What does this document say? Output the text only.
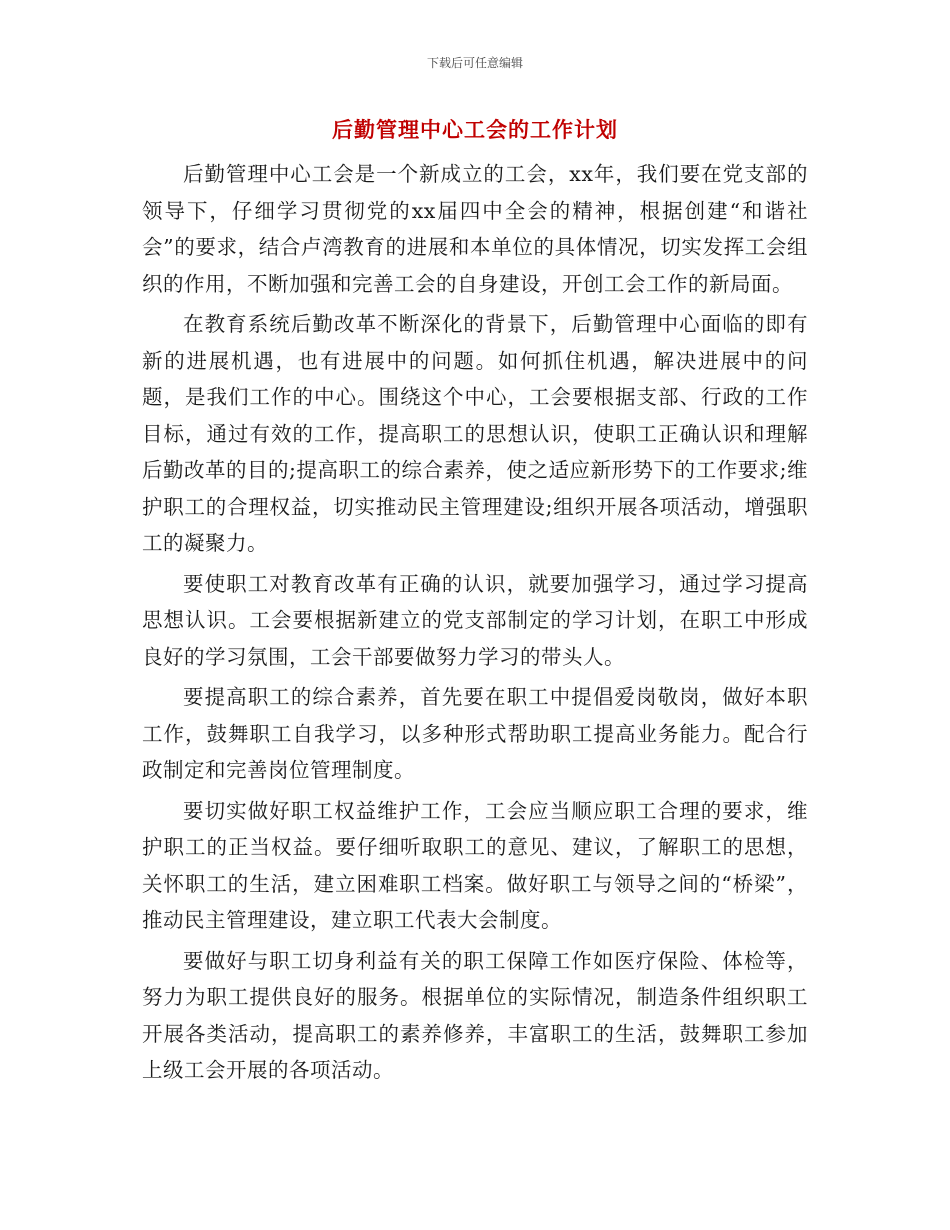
下载后可任意编辑
后勤管理中心工会的工作计划

后勤管理中心工会是一个新成立的工会，xx年，我们要在党支部的领导下，仔细学习贯彻党的xx届四中全会的精神，根据创建“和谐社会”的要求，结合卢湾教育的进展和本单位的具体情况，切实发挥工会组织的作用，不断加强和完善工会的自身建设，开创工会工作的新局面。

在教育系统后勤改革不断深化的背景下，后勤管理中心面临的即有新的进展机遇，也有进展中的问题。如何抓住机遇，解决进展中的问题，是我们工作的中心。围绕这个中心，工会要根据支部、行政的工作目标，通过有效的工作，提高职工的思想认识，使职工正确认识和理解后勤改革的目的;提高职工的综合素养，使之适应新形势下的工作要求;维护职工的合理权益，切实推动民主管理建设;组织开展各项活动，增强职工的凝聚力。

要使职工对教育改革有正确的认识，就要加强学习，通过学习提高思想认识。工会要根据新建立的党支部制定的学习计划，在职工中形成良好的学习氛围，工会干部要做努力学习的带头人。

要提高职工的综合素养，首先要在职工中提倡爱岗敬岗，做好本职工作，鼓舞职工自我学习，以多种形式帮助职工提高业务能力。配合行政制定和完善岗位管理制度。

要切实做好职工权益维护工作，工会应当顺应职工合理的要求，维护职工的正当权益。要仔细听取职工的意见、建议，了解职工的思想，关怀职工的生活，建立困难职工档案。做好职工与领导之间的“桥梁”，推动民主管理建设，建立职工代表大会制度。

要做好与职工切身利益有关的职工保障工作如医疗保险、体检等，努力为职工提供良好的服务。根据单位的实际情况，制造条件组织职工开展各类活动，提高职工的素养修养，丰富职工的生活，鼓舞职工参加上级工会开展的各项活动。
